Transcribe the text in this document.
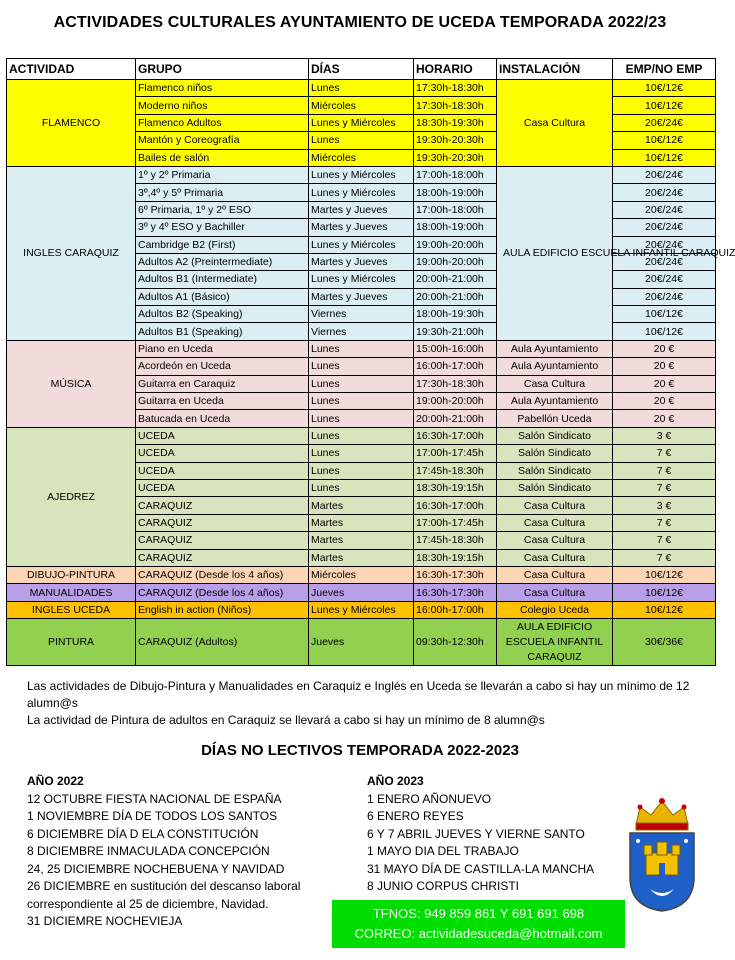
ACTIVIDADES CULTURALES AYUNTAMIENTO DE UCEDA TEMPORADA 2022/23
ACTIVIDAD	GRUPO	DÍAS	HORARIO	INSTALACIÓN	EMP/NO EMP
FLAMENCO	Flamenco niños	Lunes	17:30h-18:30h	Casa Cultura	10€/12€
	Moderno niños	Miércoles	17:30h-18:30h		10€/12€
	Flamenco Adultos	Lunes y Miércoles	18:30h-19:30h		20€/24€
	Mantón y Coreografía	Lunes	19:30h-20:30h		10€/12€
	Bailes de salón	Miércoles	19:30h-20:30h		10€/12€
INGLES CARAQUIZ	1º y 2º Primaria	Lunes y Miércoles	17:00h-18:00h	AULA EDIFICIO ESCUELA INFANTIL CARAQUIZ	20€/24€
	3º,4º y 5º Primaria	Lunes y Miércoles	18:00h-19:00h		20€/24€
	6º Primaria, 1º y 2º ESO	Martes y Jueves	17:00h-18:00h		20€/24€
	3º y 4º ESO y Bachiller	Martes y Jueves	18:00h-19:00h		20€/24€
	Cambridge B2 (First)	Lunes y Miércoles	19:00h-20:00h		20€/24€
	Adultos A2 (Preintermediate)	Martes y Jueves	19:00h-20:00h		20€/24€
	Adultos B1 (Intermediate)	Lunes y Miércoles	20:00h-21:00h		20€/24€
	Adultos A1 (Básico)	Martes y Jueves	20:00h-21:00h		20€/24€
	Adultos B2 (Speaking)	Viernes	18:00h-19:30h		10€/12€
	Adultos B1 (Speaking)	Viernes	19:30h-21:00h		10€/12€
MÚSICA	Piano en Uceda	Lunes	15:00h-16:00h	Aula Ayuntamiento	20 €
	Acordeón en Uceda	Lunes	16:00h-17:00h	Aula Ayuntamiento	20 €
	Guitarra en Caraquiz	Lunes	17:30h-18:30h	Casa Cultura	20 €
	Guitarra en Uceda	Lunes	19:00h-20:00h	Aula Ayuntamiento	20 €
	Batucada en Uceda	Lunes	20:00h-21:00h	Pabellón Uceda	20 €
AJEDREZ	UCEDA	Lunes	16:30h-17:00h	Salón Sindicato	3 €
	UCEDA	Lunes	17:00h-17:45h	Salón Sindicato	7 €
	UCEDA	Lunes	17:45h-18:30h	Salón Sindicato	7 €
	UCEDA	Lunes	18:30h-19:15h	Salón Sindicato	7 €
	CARAQUIZ	Martes	16:30h-17:00h	Casa Cultura	3 €
	CARAQUIZ	Martes	17:00h-17:45h	Casa Cultura	7 €
	CARAQUIZ	Martes	17:45h-18:30h	Casa Cultura	7 €
	CARAQUIZ	Martes	18:30h-19:15h	Casa Cultura	7 €
DIBUJO-PINTURA	CARAQUIZ (Desde los 4 años)	Miércoles	16:30h-17:30h	Casa Cultura	10€/12€
MANUALIDADES	CARAQUIZ (Desde los 4 años)	Jueves	16:30h-17:30h	Casa Cultura	10€/12€
INGLES UCEDA	English in action (Niños)	Lunes y Miércoles	16:00h-17:00h	Colegio Uceda	10€/12€
PINTURA	CARAQUIZ (Adultos)	Jueves	09:30h-12:30h	AULA EDIFICIO ESCUELA INFANTIL CARAQUIZ	30€/36€
Las actividades de Dibujo-Pintura y Manualidades en Caraquiz e Inglés en Uceda se llevarán a cabo si hay un mínimo de 12 alumn@s
La actividad de Pintura de adultos en Caraquiz se llevará a cabo si hay un mínimo de 8 alumn@s
DÍAS NO LECTIVOS TEMPORADA 2022-2023
AÑO 2022
12 OCTUBRE FIESTA NACIONAL DE ESPAÑA
1 NOVIEMBRE DÍA DE TODOS LOS SANTOS
6 DICIEMBRE DÍA D ELA CONSTITUCIÓN
8 DICIEMBRE INMACULADA CONCEPCIÓN
24, 25 DICIEMBRE NOCHEBUENA Y NAVIDAD
26 DICIEMBRE en sustitución del descanso laboral correspondiente al 25 de diciembre, Navidad.
31 DICIEMRE NOCHEVIEJA
AÑO 2023
1 ENERO AÑONUEVO
6 ENERO REYES
6 Y 7 ABRIL JUEVES Y VIERNE SANTO
1 MAYO DIA DEL TRABAJO
31 MAYO DÍA DE CASTILLA-LA MANCHA
8 JUNIO CORPUS CHRISTI
TFNOS: 949 859 861 Y 691 691 698
CORREO: actividadesuceda@hotmail.com
